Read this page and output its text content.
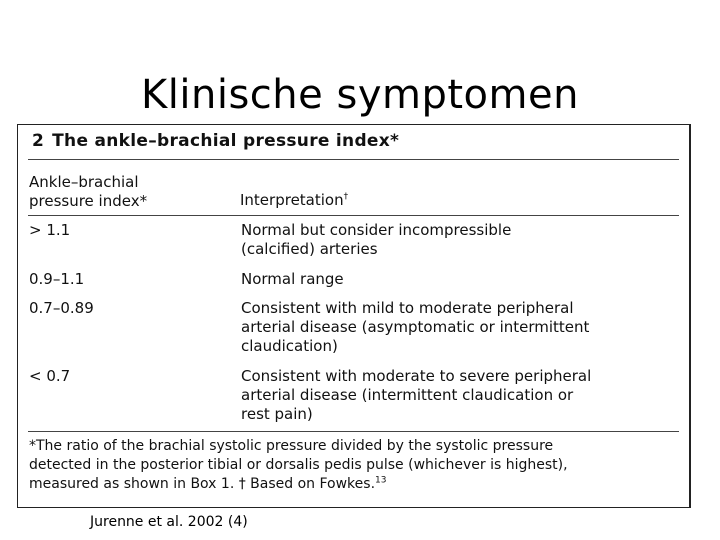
Klinische symptomen
2 The ankle–brachial pressure index*
Ankle–brachial
pressure index*	Interpretation†
> 1.1	Normal but consider incompressible
(calcified) arteries
0.9–1.1	Normal range
0.7–0.89	Consistent with mild to moderate peripheral
arterial disease (asymptomatic or intermittent
claudication)
< 0.7	Consistent with moderate to severe peripheral
arterial disease (intermittent claudication or
rest pain)
*The ratio of the brachial systolic pressure divided by the systolic pressure
detected in the posterior tibial or dorsalis pedis pulse (whichever is highest),
measured as shown in Box 1. † Based on Fowkes.$^{13}$
Jurenne et al. 2002 (4)
